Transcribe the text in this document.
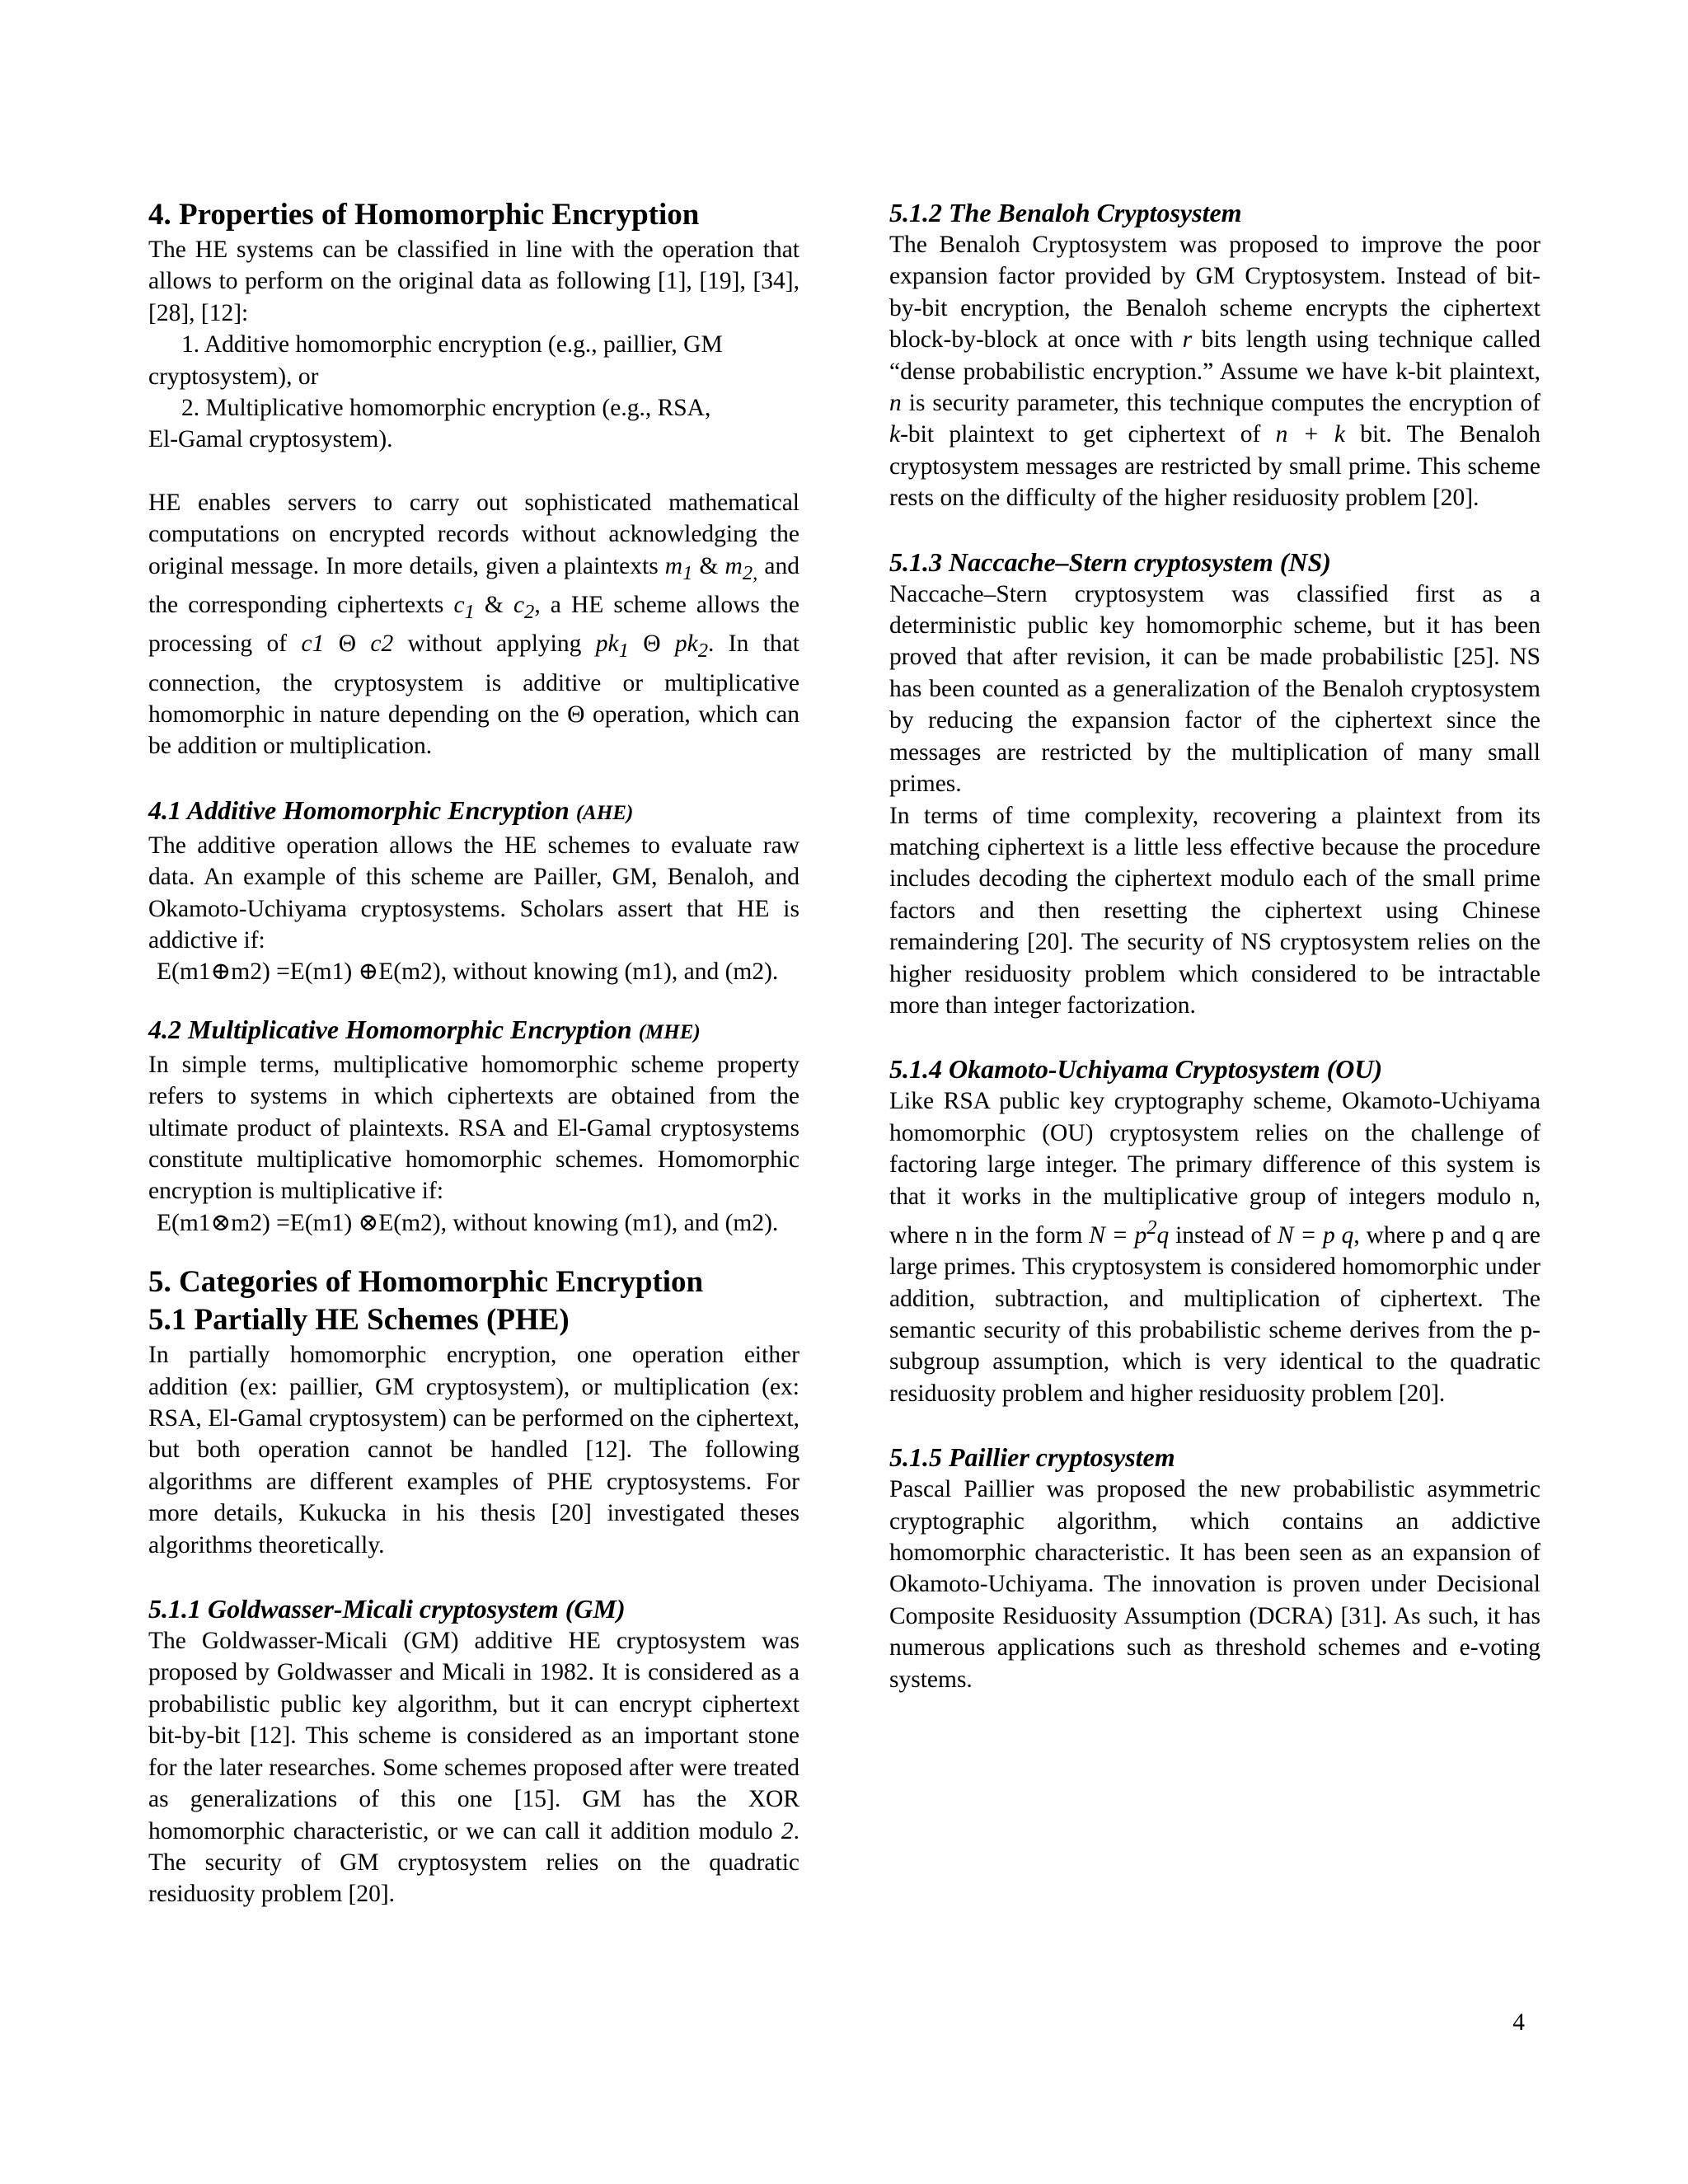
4. Properties of Homomorphic Encryption

The HE systems can be classified in line with the operation that allows to perform on the original data as following [1], [19], [34], [28], [12]:

1. Additive homomorphic encryption (e.g., paillier, GM

cryptosystem), or

2. Multiplicative homomorphic encryption (e.g., RSA,

El-Gamal cryptosystem).

HE enables servers to carry out sophisticated mathematical computations on encrypted records without acknowledging the original message. In more details, given a plaintexts $m_1$ & $m_{2,}$ and the corresponding ciphertexts $c_1$ & $c_2$, a HE scheme allows the processing of c1 Θ c2 without applying $pk_1$ Θ $pk_2$. In that connection, the cryptosystem is additive or multiplicative homomorphic in nature depending on the Θ operation, which can be addition or multiplication.

4.1 Additive Homomorphic Encryption (AHE)

The additive operation allows the HE schemes to evaluate raw data. An example of this scheme are Pailler, GM, Benaloh, and Okamoto-Uchiyama cryptosystems. Scholars assert that HE is addictive if:

E(m1⊕m2) =E(m1) ⊕E(m2), without knowing (m1), and (m2).

4.2 Multiplicative Homomorphic Encryption (MHE)

In simple terms, multiplicative homomorphic scheme property refers to systems in which ciphertexts are obtained from the ultimate product of plaintexts. RSA and El-Gamal cryptosystems constitute multiplicative homomorphic schemes. Homomorphic encryption is multiplicative if:

E(m1⊗m2) =E(m1) ⊗E(m2), without knowing (m1), and (m2).

5. Categories of Homomorphic Encryption
5.1 Partially HE Schemes (PHE)

In partially homomorphic encryption, one operation either addition (ex: paillier, GM cryptosystem), or multiplication (ex: RSA, El-Gamal cryptosystem) can be performed on the ciphertext, but both operation cannot be handled [12]. The following algorithms are different examples of PHE cryptosystems. For more details, Kukucka in his thesis [20] investigated theses algorithms theoretically.

5.1.1 Goldwasser-Micali cryptosystem (GM)

The Goldwasser-Micali (GM) additive HE cryptosystem was proposed by Goldwasser and Micali in 1982. It is considered as a probabilistic public key algorithm, but it can encrypt ciphertext bit-by-bit [12]. This scheme is considered as an important stone for the later researches. Some schemes proposed after were treated as generalizations of this one [15]. GM has the XOR homomorphic characteristic, or we can call it addition modulo 2. The security of GM cryptosystem relies on the quadratic residuosity problem [20].

5.1.2 The Benaloh Cryptosystem

The Benaloh Cryptosystem was proposed to improve the poor expansion factor provided by GM Cryptosystem. Instead of bit-by-bit encryption, the Benaloh scheme encrypts the ciphertext block-by-block at once with r bits length using technique called “dense probabilistic encryption.” Assume we have k-bit plaintext, n is security parameter, this technique computes the encryption of k-bit plaintext to get ciphertext of n + k bit. The Benaloh cryptosystem messages are restricted by small prime. This scheme rests on the difficulty of the higher residuosity problem [20].

5.1.3 Naccache–Stern cryptosystem (NS)

Naccache–Stern cryptosystem was classified first as a deterministic public key homomorphic scheme, but it has been proved that after revision, it can be made probabilistic [25]. NS has been counted as a generalization of the Benaloh cryptosystem by reducing the expansion factor of the ciphertext since the messages are restricted by the multiplication of many small primes.

In terms of time complexity, recovering a plaintext from its matching ciphertext is a little less effective because the procedure includes decoding the ciphertext modulo each of the small prime factors and then resetting the ciphertext using Chinese remaindering [20]. The security of NS cryptosystem relies on the higher residuosity problem which considered to be intractable more than integer factorization.

5.1.4 Okamoto-Uchiyama Cryptosystem (OU)

Like RSA public key cryptography scheme, Okamoto-Uchiyama homomorphic (OU) cryptosystem relies on the challenge of factoring large integer. The primary difference of this system is that it works in the multiplicative group of integers modulo n, where n in the form $N = p^2q$ instead of N = p q, where p and q are large primes. This cryptosystem is considered homomorphic under addition, subtraction, and multiplication of ciphertext. The semantic security of this probabilistic scheme derives from the p-subgroup assumption, which is very identical to the quadratic residuosity problem and higher residuosity problem [20].

5.1.5 Paillier cryptosystem

Pascal Paillier was proposed the new probabilistic asymmetric cryptographic algorithm, which contains an addictive homomorphic characteristic. It has been seen as an expansion of Okamoto-Uchiyama. The innovation is proven under Decisional Composite Residuosity Assumption (DCRA) [31]. As such, it has numerous applications such as threshold schemes and e-voting systems.

4
